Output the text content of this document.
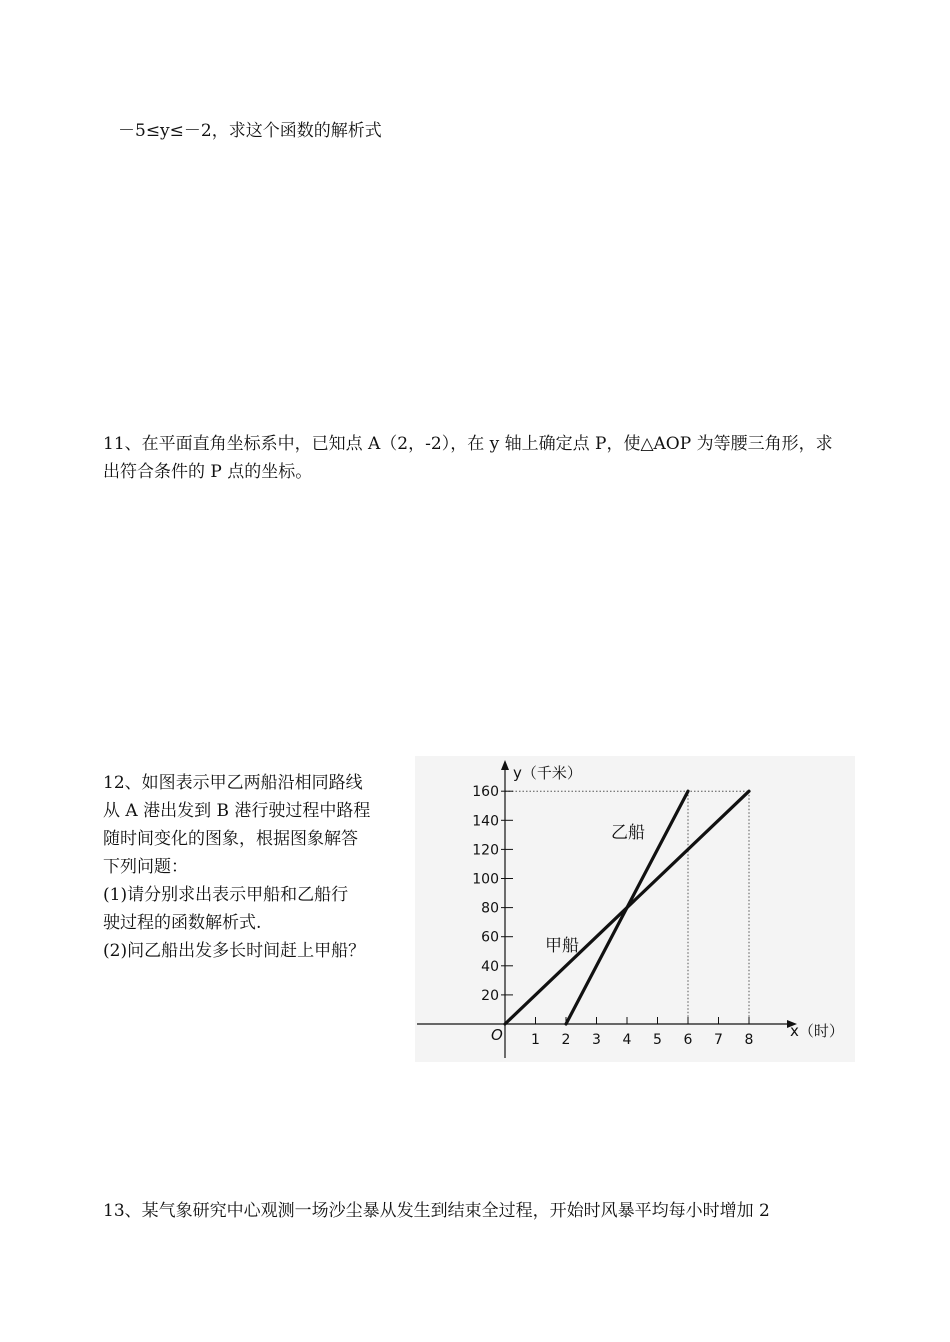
－5≤y≤－2，求这个函数的解析式
11、在平面直角坐标系中，已知点 A（2，-2），在 y 轴上确定点 P，使△AOP 为等腰三角形，求
出符合条件的 P 点的坐标。
12、如图表示甲乙两船沿相同路线
从 A 港出发到 B 港行驶过程中路程
随时间变化的图象，根据图象解答
下列问题：
(1)请分别求出表示甲船和乙船行
驶过程的函数解析式.
(2)问乙船出发多长时间赶上甲船？
1 2 3 4 5 6 7 8
20
40
60
80
100
120
140
160
O	x（时）
y（千米）
甲船
乙船
13、某气象研究中心观测一场沙尘暴从发生到结束全过程，开始时风暴平均每小时增加 2
